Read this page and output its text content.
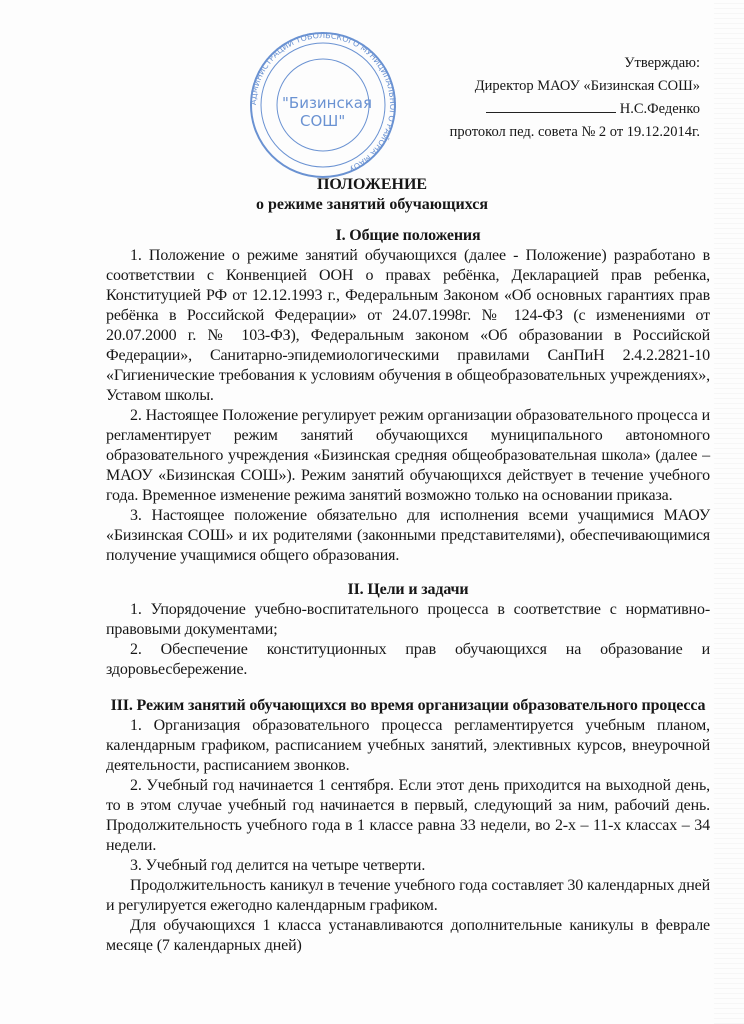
АДМИНИСТРАЦИИ ТОБОЛЬСКОГО МУНИЦИПАЛЬНОГО РАЙОНА МАОУ
"Бизинская
СОШ"
Утверждаю:
Директор МАОУ «Бизинская СОШ»
Н.С.Феденко
протокол пед. совета № 2 от 19.12.2014г.
ПОЛОЖЕНИЕ
о режиме занятий обучающихся
I. Общие положения

1. Положение о режиме занятий обучающихся (далее - Положение) разработано в соответствии с Конвенцией ООН о правах ребёнка, Декларацией прав ребенка, Конституцией РФ от 12.12.1993 г., Федеральным Законом «Об основных гарантиях прав ребёнка в Российской Федерации» от 24.07.1998г. № 124-ФЗ (с изменениями от 20.07.2000 г. № 103-ФЗ), Федеральным законом «Об образовании в Российской Федерации», Санитарно-эпидемиологическими правилами СанПиН 2.4.2.2821-10 «Гигиенические требования к условиям обучения в общеобразовательных учреждениях», Уставом школы.

2. Настоящее Положение регулирует режим организации образовательного процесса и регламентирует режим занятий обучающихся муниципального автономного образовательного учреждения «Бизинская средняя общеобразовательная школа» (далее – МАОУ «Бизинская СОШ»). Режим занятий обучающихся действует в течение учебного года. Временное изменение режима занятий возможно только на основании приказа.

3. Настоящее положение обязательно для исполнения всеми учащимися МАОУ «Бизинская СОШ» и их родителями (законными представителями), обеспечивающимися получение учащимися общего образования.

II. Цели и задачи

1. Упорядочение учебно-воспитательного процесса в соответствие с нормативно-правовыми документами;

2. Обеспечение конституционных прав обучающихся на образование и здоровьесбережение.

III. Режим занятий обучающихся во время организации образовательного процесса

1. Организация образовательного процесса регламентируется учебным планом, календарным графиком, расписанием учебных занятий, элективных курсов, внеурочной деятельности, расписанием звонков.

2. Учебный год начинается 1 сентября. Если этот день приходится на выходной день, то в этом случае учебный год начинается в первый, следующий за ним, рабочий день. Продолжительность учебного года в 1 классе равна 33 недели, во 2-х – 11-х классах – 34 недели.

3. Учебный год делится на четыре четверти.

Продолжительность каникул в течение учебного года составляет 30 календарных дней и регулируется ежегодно календарным графиком.

Для обучающихся 1 класса устанавливаются дополнительные каникулы в феврале месяце (7 календарных дней)
